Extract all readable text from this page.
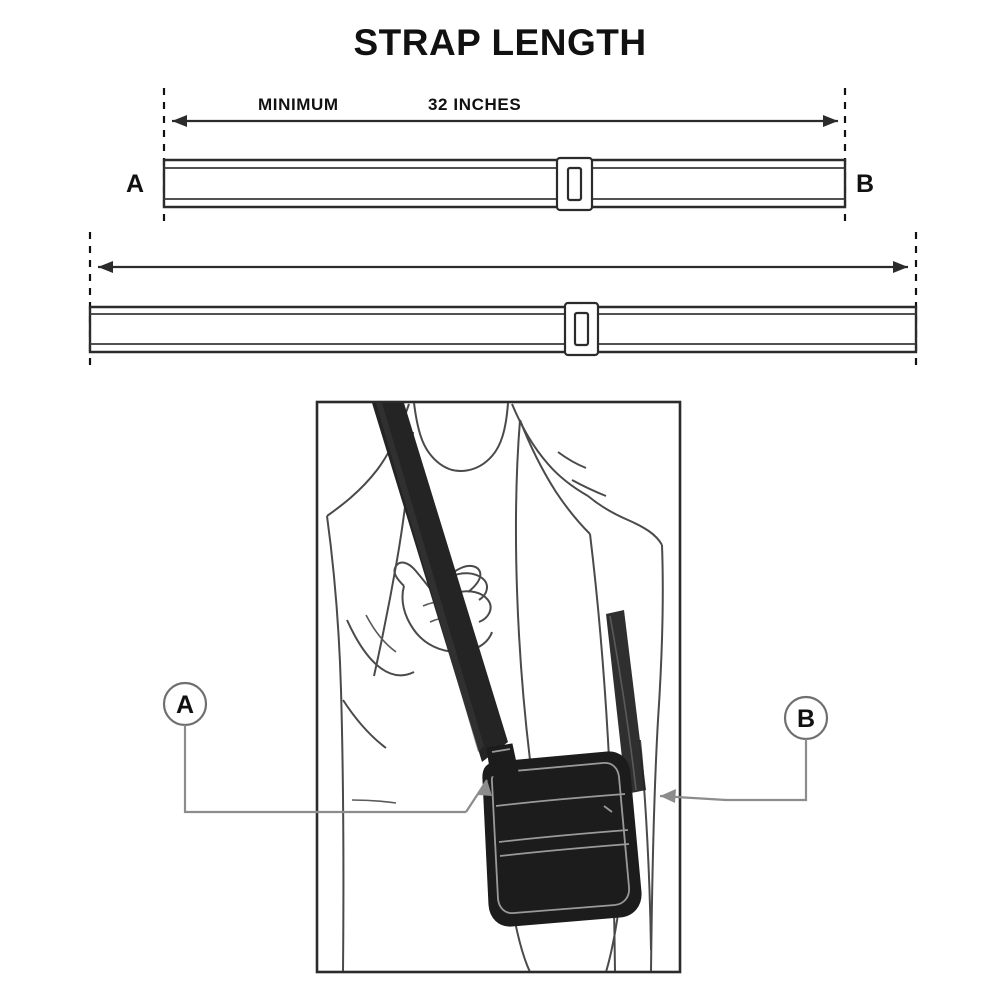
STRAP LENGTH
MINIMUM	32 INCHES
A	B
A	B
